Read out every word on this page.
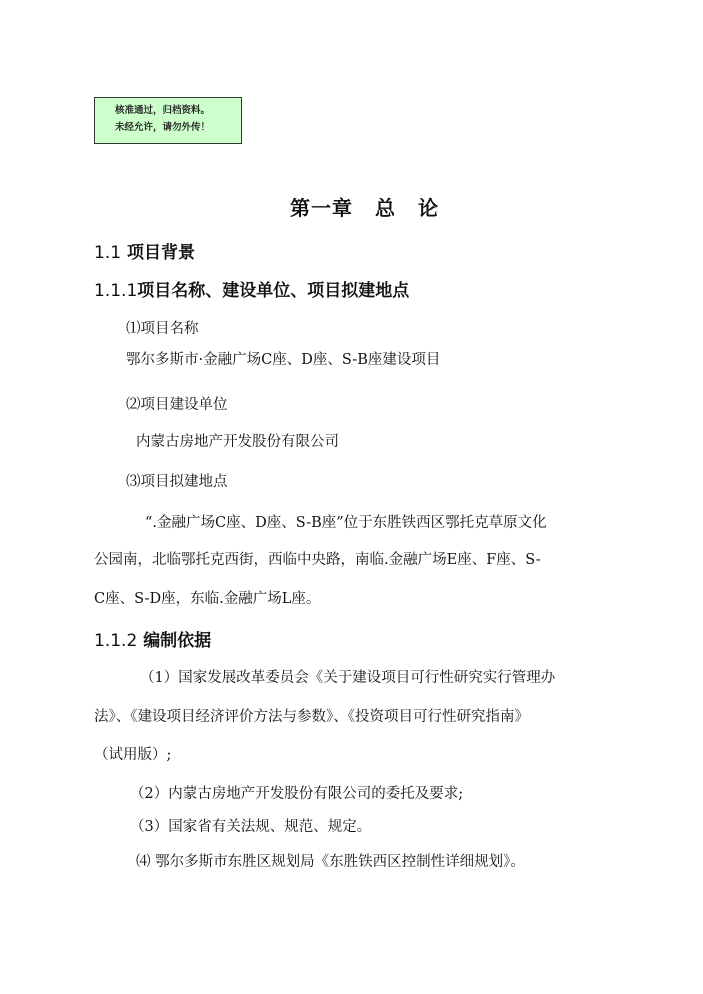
核准通过，归档资料。
未经允许，请勿外传！
第一章 总 论
1.1 项目背景
1.1.1项目名称、建设单位、项目拟建地点
⑴项目名称
鄂尔多斯市·金融广场C座、D座、S-B座建设项目
⑵项目建设单位
内蒙古房地产开发股份有限公司
⑶项目拟建地点
“.金融广场C座、D座、S-B座”位于东胜铁西区鄂托克草原文化
公园南，北临鄂托克西街，西临中央路，南临.金融广场E座、F座、S-
C座、S-D座，东临.金融广场L座。
1.1.2 编制依据
（1）国家发展改革委员会《关于建设项目可行性研究实行管理办
法》、《建设项目经济评价方法与参数》、《投资项目可行性研究指南》
（试用版）;
（2）内蒙古房地产开发股份有限公司的委托及要求;
（3）国家省有关法规、规范、规定。
⑷ 鄂尔多斯市东胜区规划局《东胜铁西区控制性详细规划》。
